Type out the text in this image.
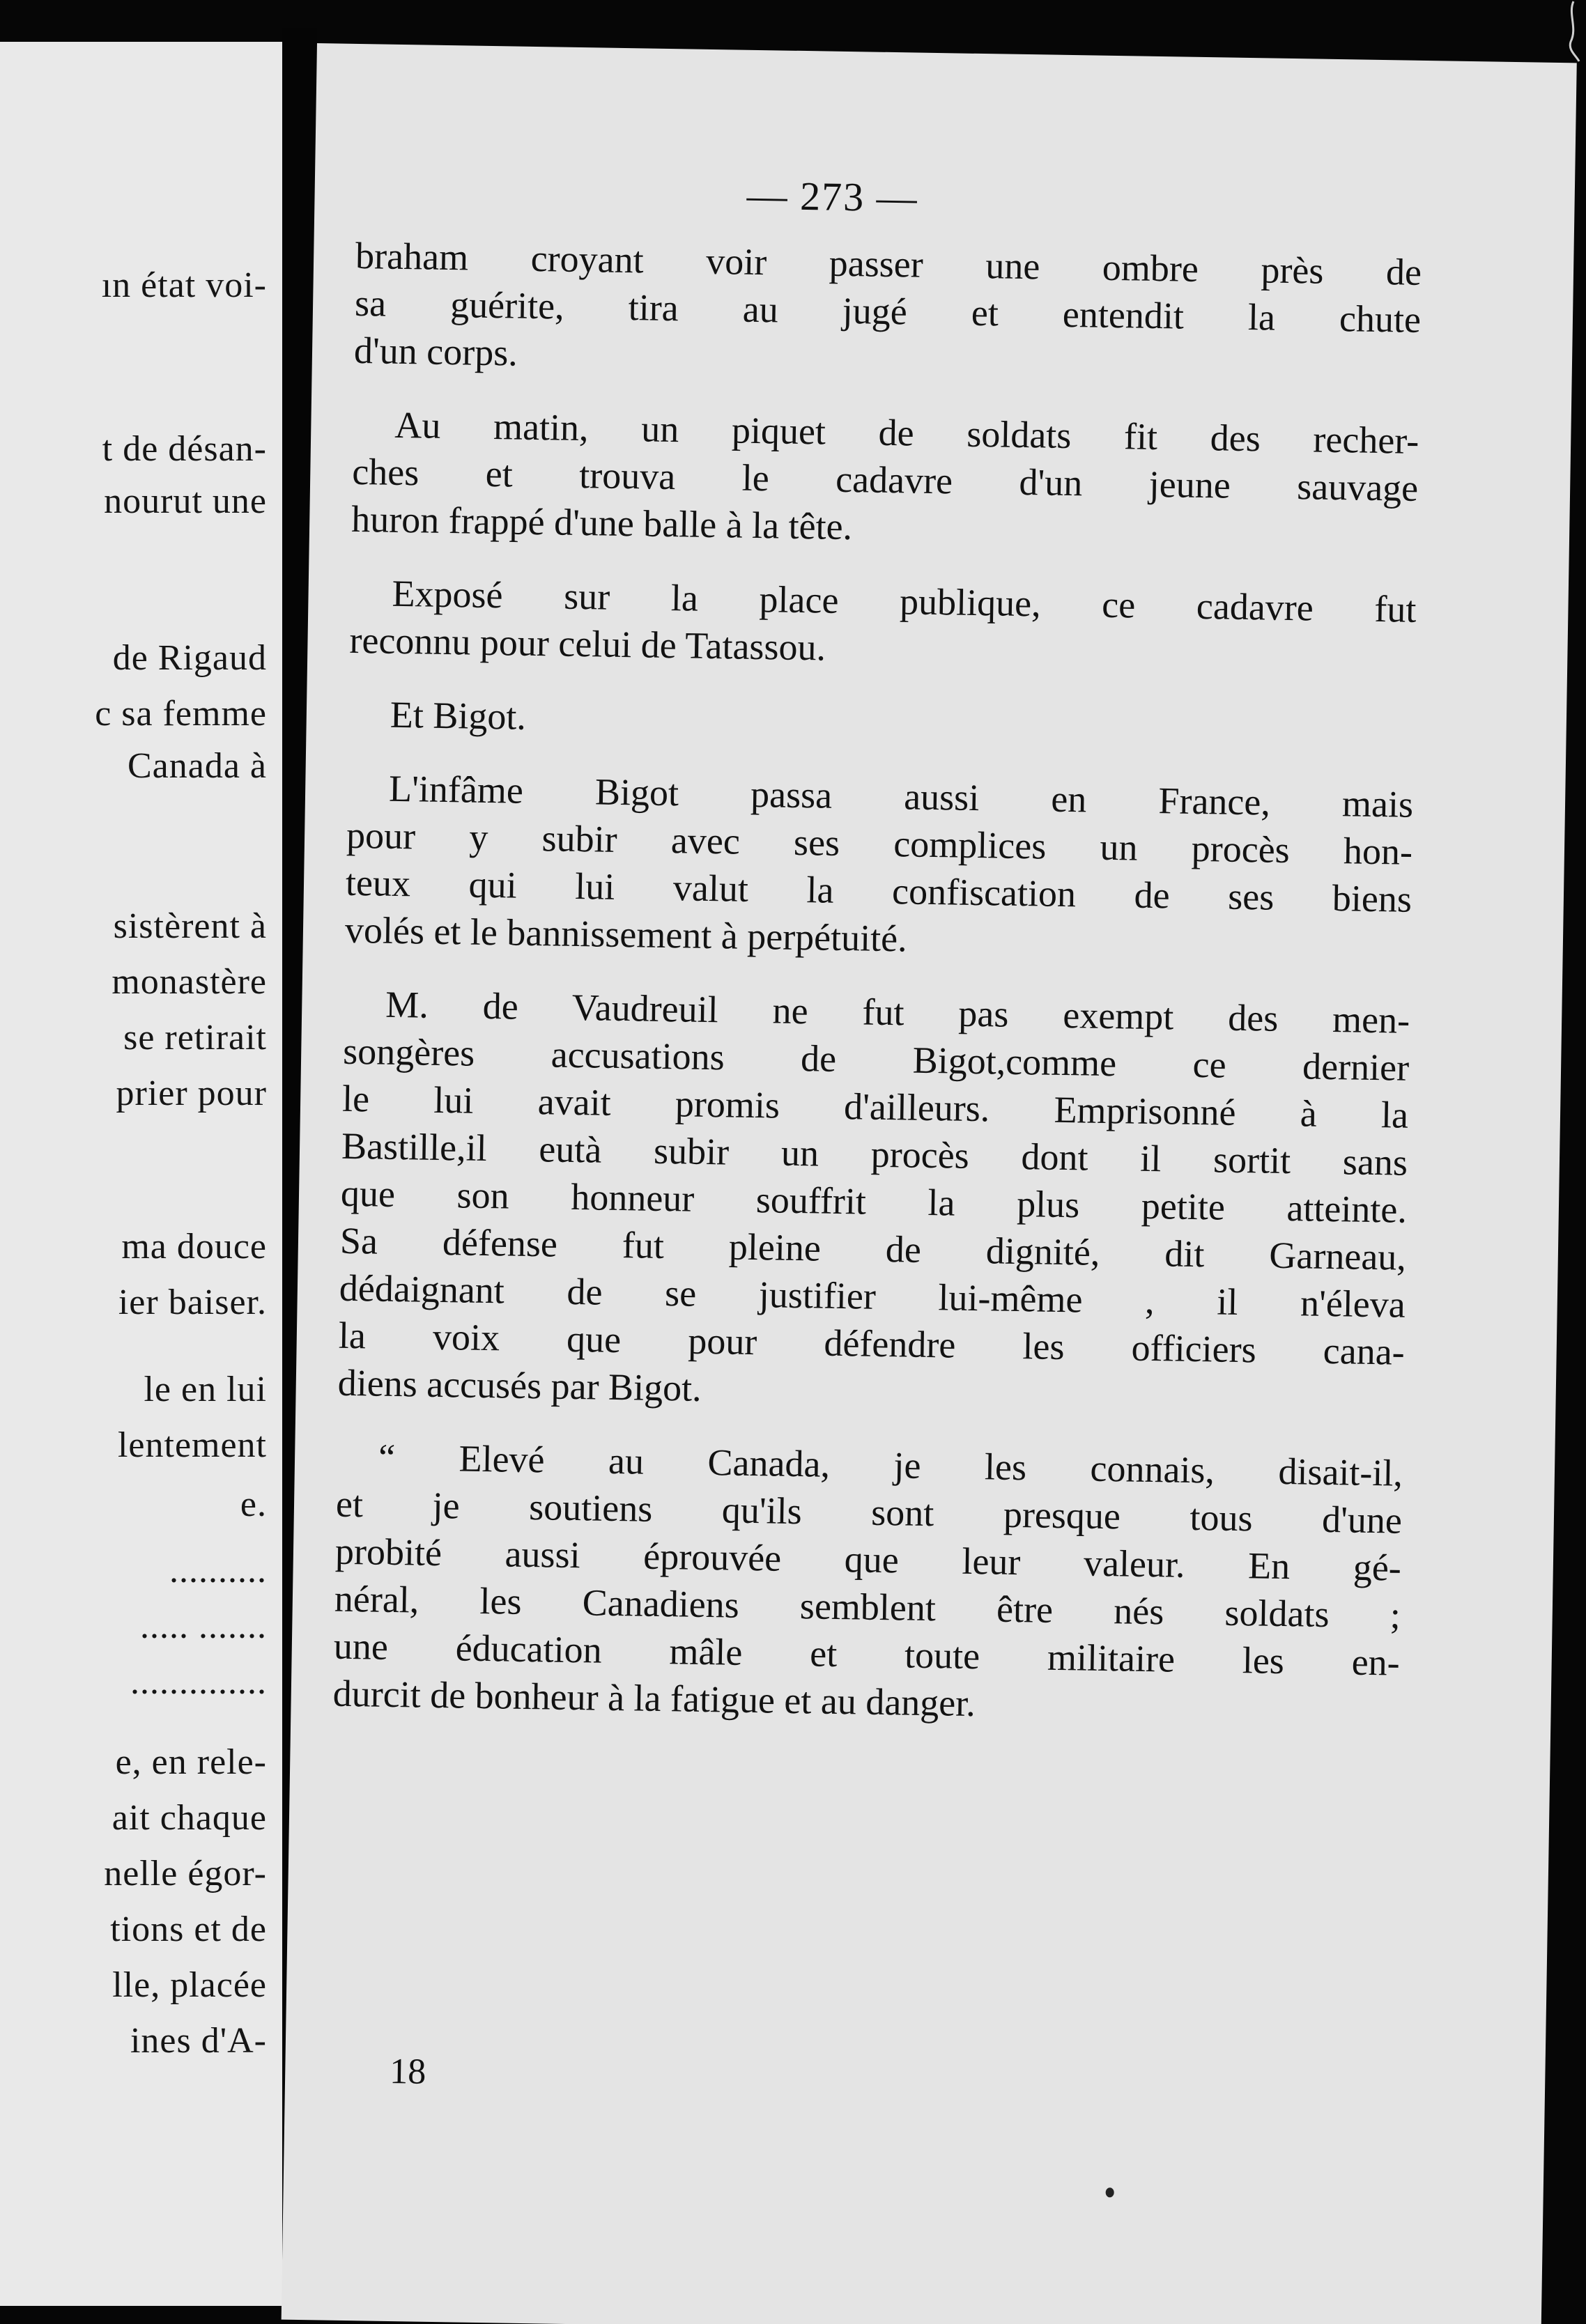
ın état voi-
t de désan-
nourut une
de Rigaud
c sa femme
Canada à
sistèrent à
monastère
se retirait
prier pour
ma douce
ier baiser.
le en lui
lentement
e.
..........
..... .......
..............
e, en rele-
ait chaque
nelle égor-
tions et de
lle, placée
ines d'A-
— 273 —
braham croyant voir passer une ombre près de
sa guérite, tira au jugé et entendit la chute
d'un corps.
Au matin, un piquet de soldats fit des recher-
ches et trouva le cadavre d'un jeune sauvage
huron frappé d'une balle à la tête.
Exposé sur la place publique, ce cadavre fut
reconnu pour celui de Tatassou.
Et Bigot.
L'infâme Bigot passa aussi en France, mais
pour y subir avec ses complices un procès hon-
teux qui lui valut la confiscation de ses biens
volés et le bannissement à perpétuité.
M. de Vaudreuil ne fut pas exempt des men-
songères accusations de Bigot,comme ce dernier
le lui avait promis d'ailleurs. Emprisonné à la
Bastille,il eutà subir un procès dont il sortit sans
que son honneur souffrit la plus petite atteinte.
Sa défense fut pleine de dignité, dit Garneau,
dédaignant de se justifier lui-même , il n'éleva
la voix que pour défendre les officiers cana-
diens accusés par Bigot.
“ Elevé au Canada, je les connais, disait-il,
et je soutiens qu'ils sont presque tous d'une
probité aussi éprouvée que leur valeur. En gé-
néral, les Canadiens semblent être nés soldats ;
une éducation mâle et toute militaire les en-
durcit de bonheur à la fatigue et au danger.
18
